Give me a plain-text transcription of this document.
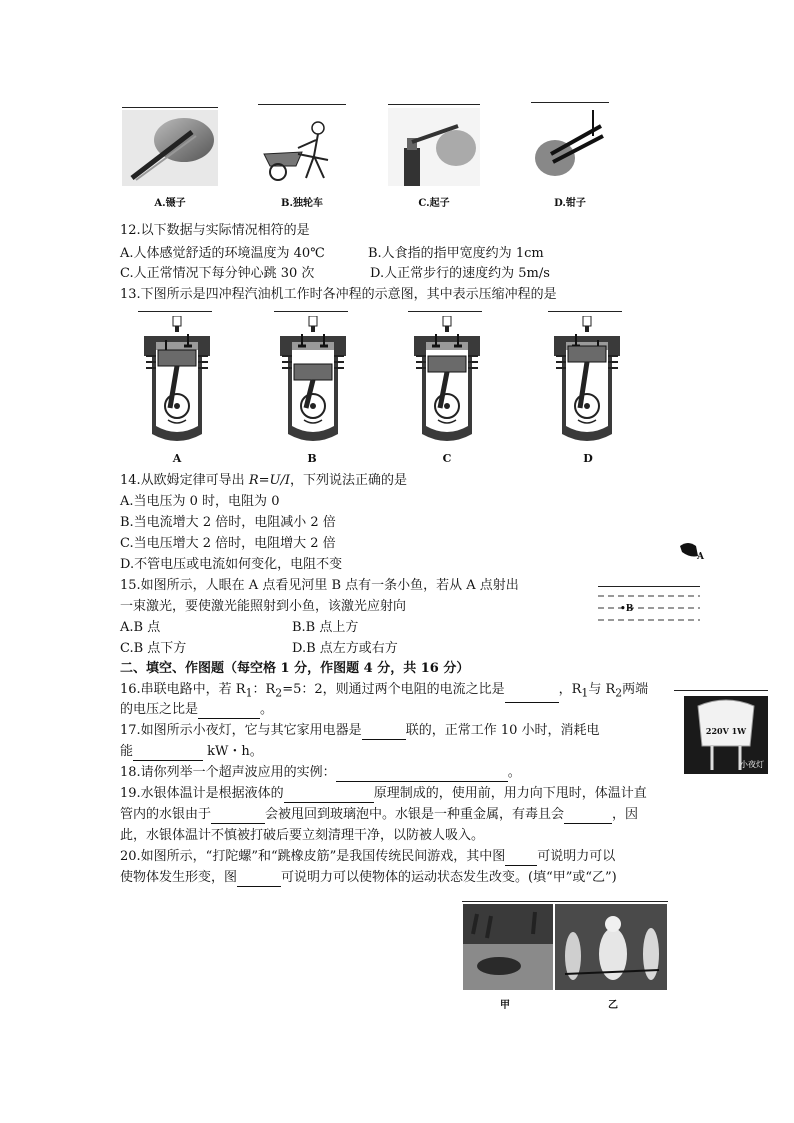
A.镊子	B.独轮车	C.起子	D.钳子
12.以下数据与实际情况相符的是
A.人体感觉舒适的环境温度为 40℃	B.人食指的指甲宽度约为 1cm
C.人正常情况下每分钟心跳 30 次	D.人正常步行的速度约为 5m/s
13.下图所示是四冲程汽油机工作时各冲程的示意图，其中表示压缩冲程的是
A	B	C	D
14.从欧姆定律可导出 R=U/I，下列说法正确的是
A.当电压为 0 时，电阻为 0
B.当电流增大 2 倍时，电阻减小 2 倍
C.当电压增大 2 倍时，电阻增大 2 倍
D.不管电压或电流如何变化，电阻不变	A
•B
15.如图所示，人眼在 A 点看见河里 B 点有一条小鱼，若从 A 点射出
一束激光，要使激光能照射到小鱼，该激光应射向
A.B 点	B.B 点上方
C.B 点下方	D.B 点左方或右方
二、填空、作图题（每空格 1 分，作图题 4 分，共 16 分）
16.串联电路中，若 $R_1$：$R_2=5$：2，则通过两个电阻的电流之比是	，$R_1$与 $R_2$两端
的电压之比是	。
220V 1W
小夜灯
17.如图所示小夜灯，它与其它家用电器是	联的，正常工作 10 小时，消耗电
能	kW・h。
18.请你列举一个超声波应用的实例：	。
19.水银体温计是根据液体的	原理制成的，使用前，用力向下甩时，体温计直
管内的水银由于	会被甩回到玻璃泡中。水银是一种重金属，有毒且会	，因
此，水银体温计不慎被打破后要立刻清理干净，以防被人吸入。
20.如图所示，“打陀螺”和“跳橡皮筋”是我国传统民间游戏，其中图 可说明力可以
使物体发生形变，图	可说明力可以使物体的运动状态发生改变。(填“甲”或“乙”)
甲	乙
